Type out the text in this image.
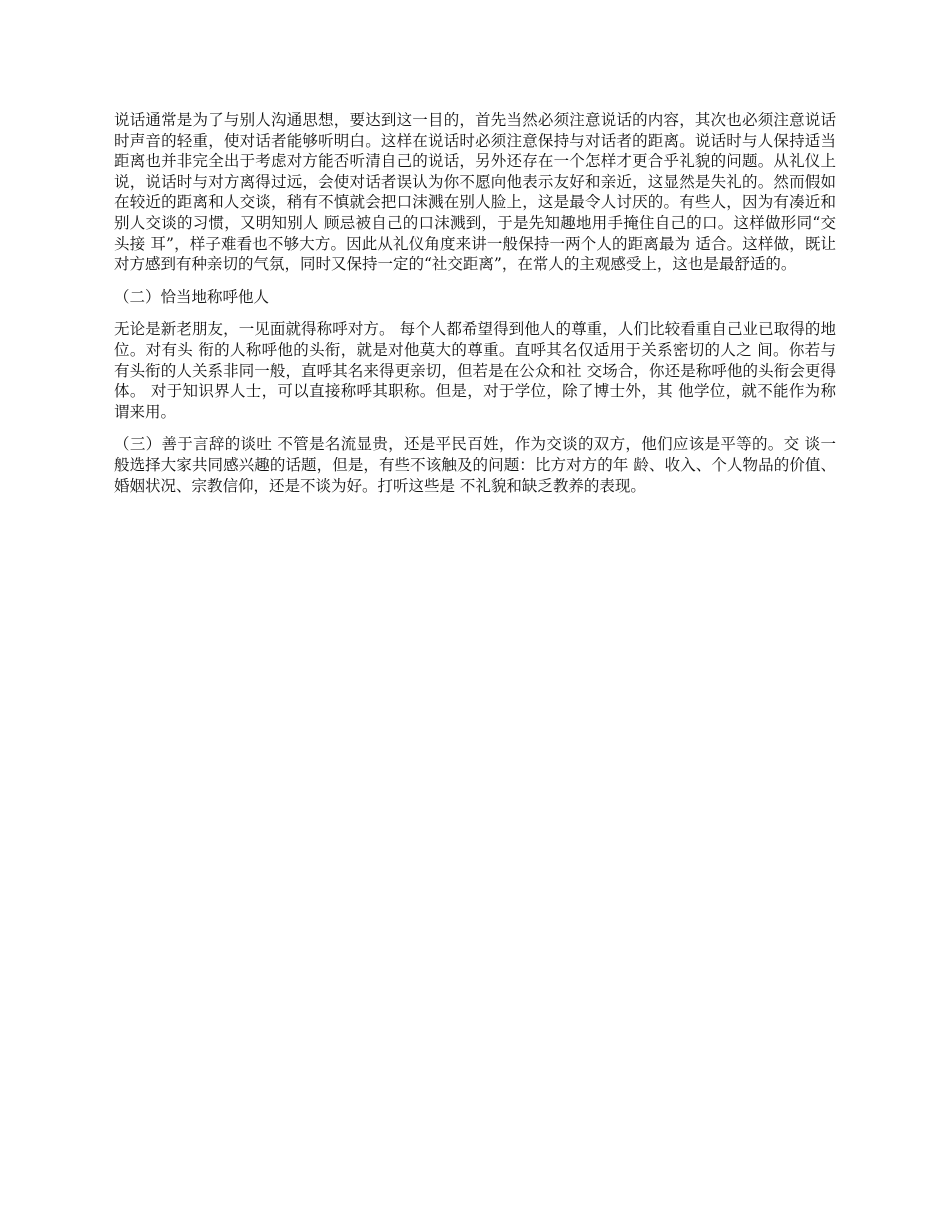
说话通常是为了与别人沟通思想，要达到这一目的，首先当然必须注意说话的内容，其次也必须注意说话时声音的轻重，使对话者能够听明白。这样在说话时必须注意保持与对话者的距离。说话时与人保持适当距离也并非完全出于考虑对方能否听清自己的说话，另外还存在一个怎样才更合乎礼貌的问题。从礼仪上说，说话时与对方离得过远，会使对话者误认为你不愿向他表示友好和亲近，这显然是失礼的。然而假如在较近的距离和人交谈，稍有不慎就会把口沫溅在别人脸上，这是最令人讨厌的。有些人，因为有凑近和别人交谈的习惯，又明知别人 顾忌被自己的口沫溅到，于是先知趣地用手掩住自己的口。这样做形同“交头接 耳”，样子难看也不够大方。因此从礼仪角度来讲一般保持一两个人的距离最为 适合。这样做，既让对方感到有种亲切的气氛，同时又保持一定的“社交距离”，在常人的主观感受上，这也是最舒适的。

（二）恰当地称呼他人

无论是新老朋友，一见面就得称呼对方。 每个人都希望得到他人的尊重，人们比较看重自己业已取得的地位。对有头 衔的人称呼他的头衔，就是对他莫大的尊重。直呼其名仅适用于关系密切的人之 间。你若与有头衔的人关系非同一般，直呼其名来得更亲切，但若是在公众和社 交场合，你还是称呼他的头衔会更得体。 对于知识界人士，可以直接称呼其职称。但是，对于学位，除了博士外，其 他学位，就不能作为称谓来用。

（三）善于言辞的谈吐 不管是名流显贵，还是平民百姓，作为交谈的双方，他们应该是平等的。交 谈一般选择大家共同感兴趣的话题，但是，有些不该触及的问题：比方对方的年 龄、收入、个人物品的价值、婚姻状况、宗教信仰，还是不谈为好。打听这些是 不礼貌和缺乏教养的表现。
